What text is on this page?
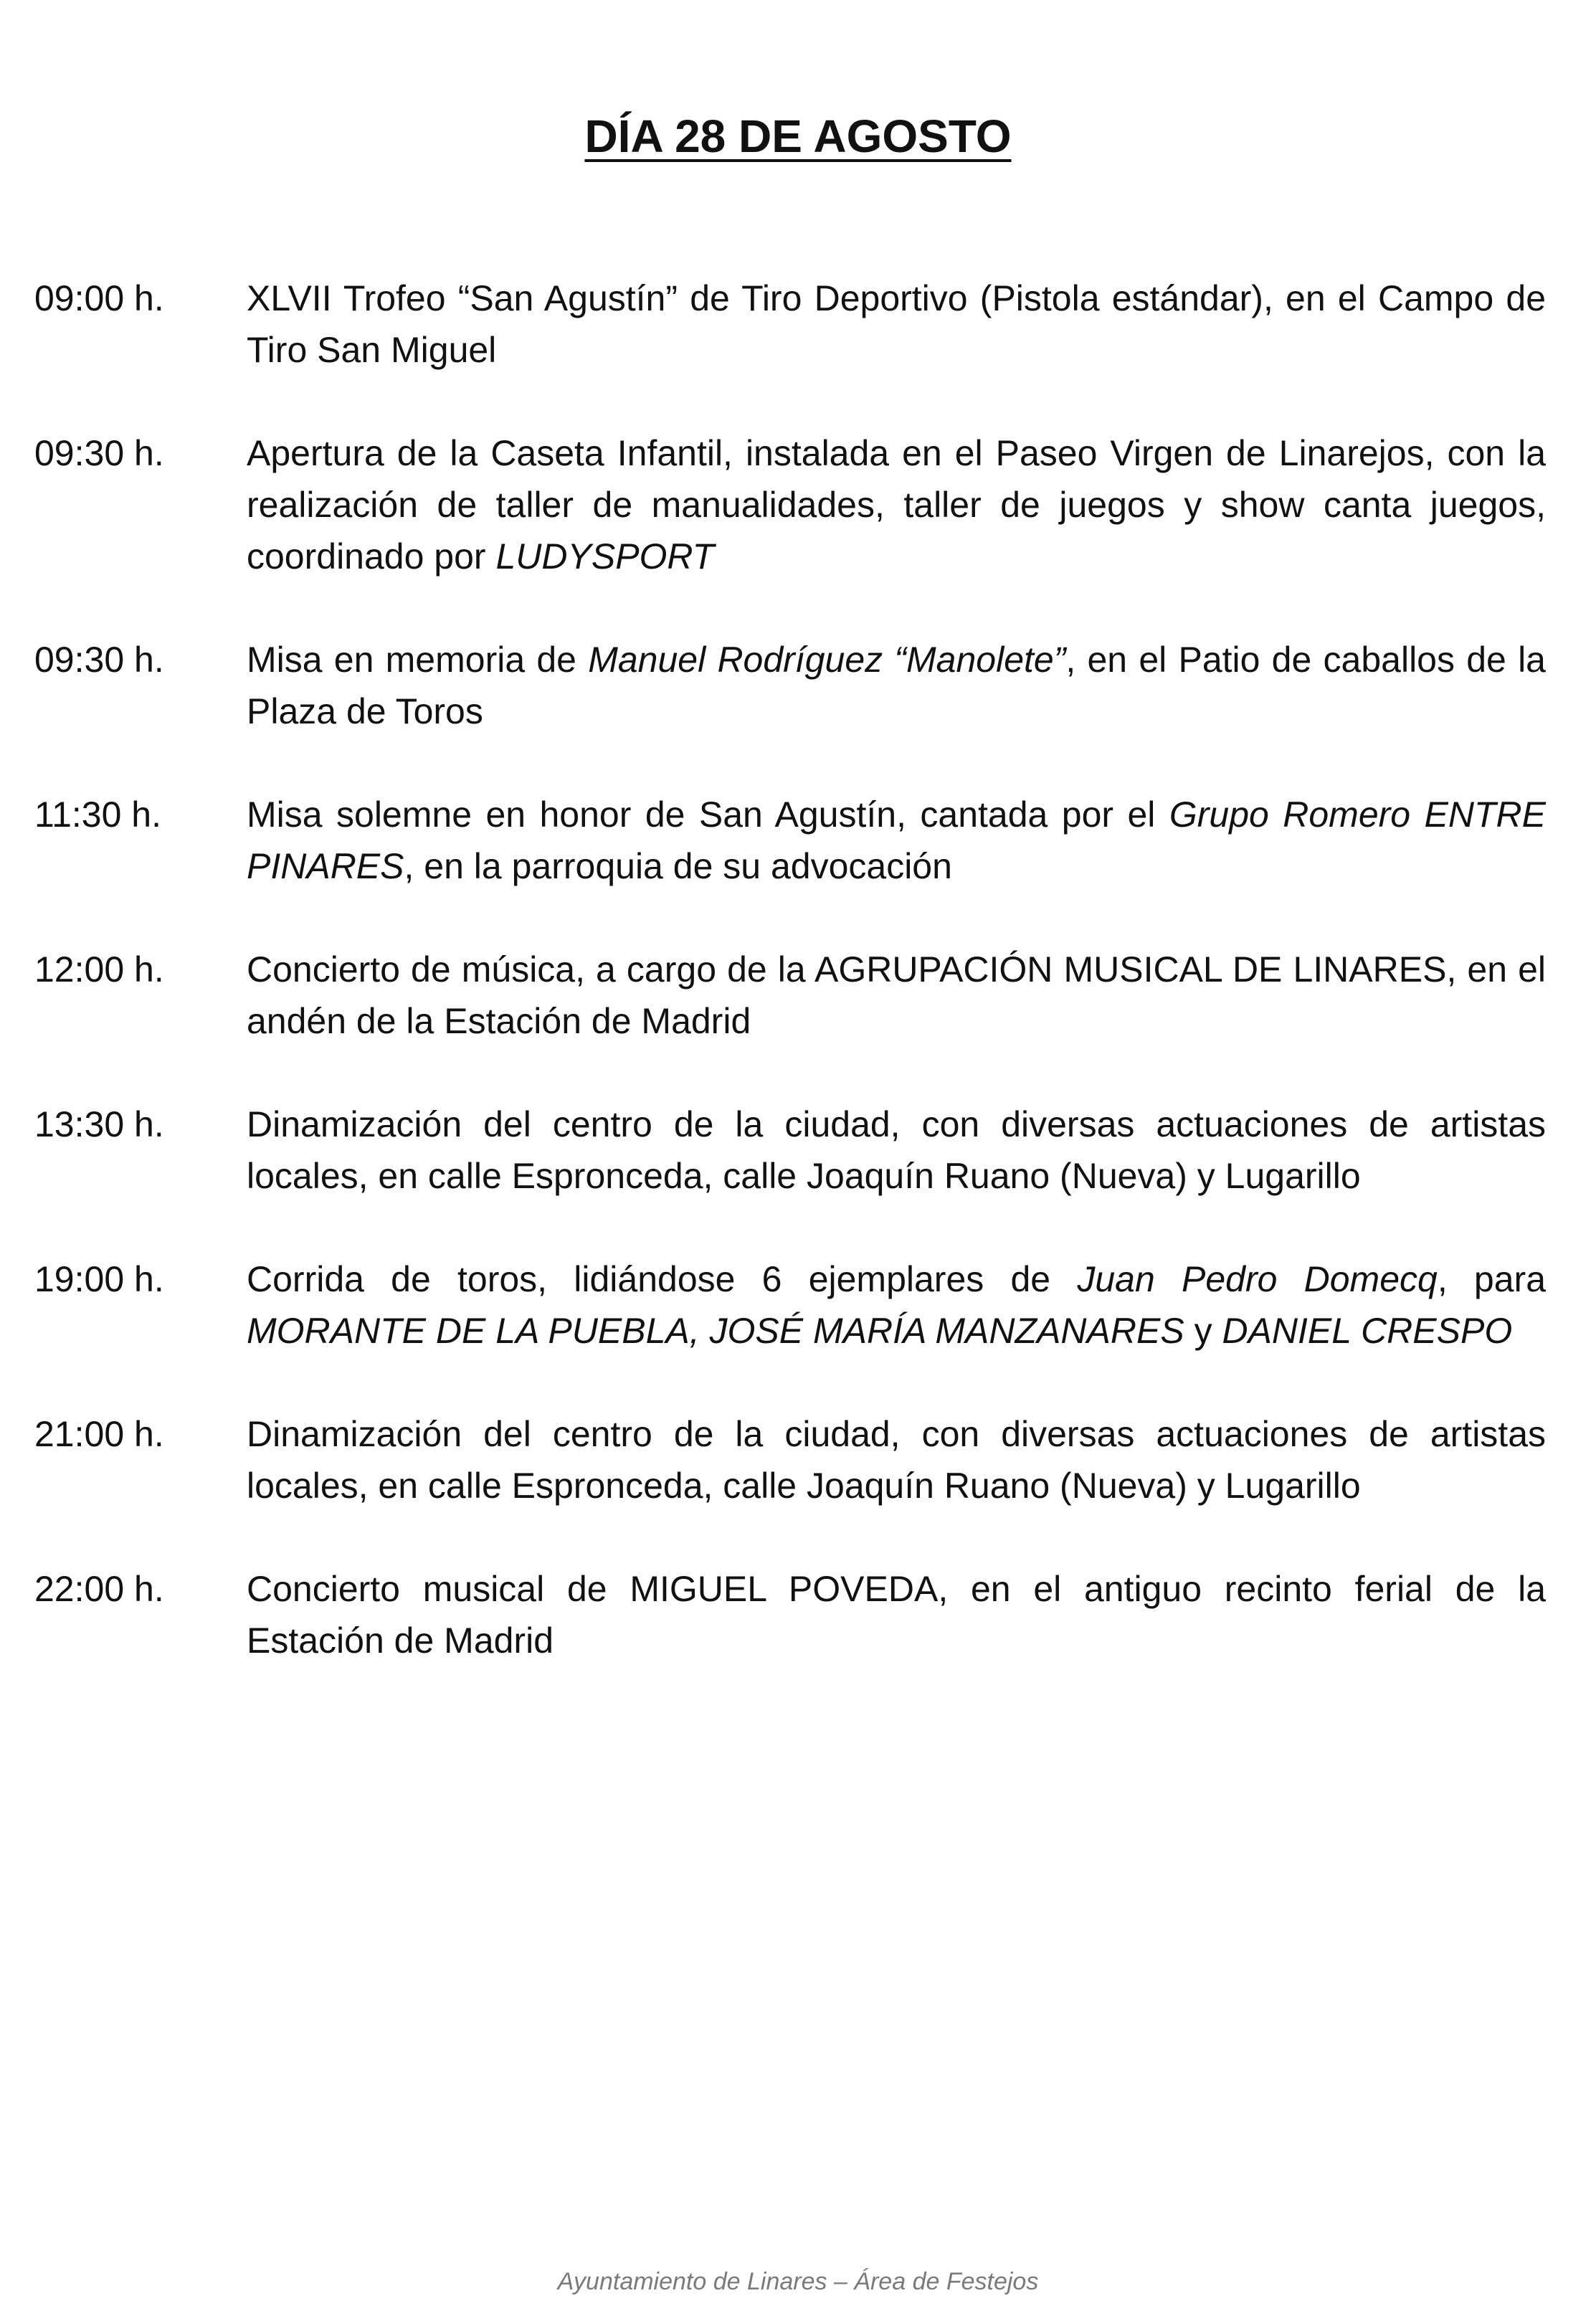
DÍA 28 DE AGOSTO
09:00 h.	XLVII Trofeo “San Agustín” de Tiro Deportivo (Pistola estándar), en el Campo de Tiro San Miguel
09:30 h.	Apertura de la Caseta Infantil, instalada en el Paseo Virgen de Linarejos, con la realización de taller de manualidades, taller de juegos y show canta juegos, coordinado por LUDYSPORT
09:30 h.	Misa en memoria de Manuel Rodríguez “Manolete”, en el Patio de caballos de la Plaza de Toros
11:30 h.	Misa solemne en honor de San Agustín, cantada por el Grupo Romero ENTRE PINARES, en la parroquia de su advocación
12:00 h.	Concierto de música, a cargo de la AGRUPACIÓN MUSICAL DE LINARES, en el andén de la Estación de Madrid
13:30 h.	Dinamización del centro de la ciudad, con diversas actuaciones de artistas locales, en calle Espronceda, calle Joaquín Ruano (Nueva) y Lugarillo
19:00 h.	Corrida de toros, lidiándose 6 ejemplares de Juan Pedro Domecq, para MORANTE DE LA PUEBLA, JOSÉ MARÍA MANZANARES y DANIEL CRESPO
21:00 h.	Dinamización del centro de la ciudad, con diversas actuaciones de artistas locales, en calle Espronceda, calle Joaquín Ruano (Nueva) y Lugarillo
22:00 h.	Concierto musical de MIGUEL POVEDA, en el antiguo recinto ferial de la Estación de Madrid
Ayuntamiento de Linares – Área de Festejos
